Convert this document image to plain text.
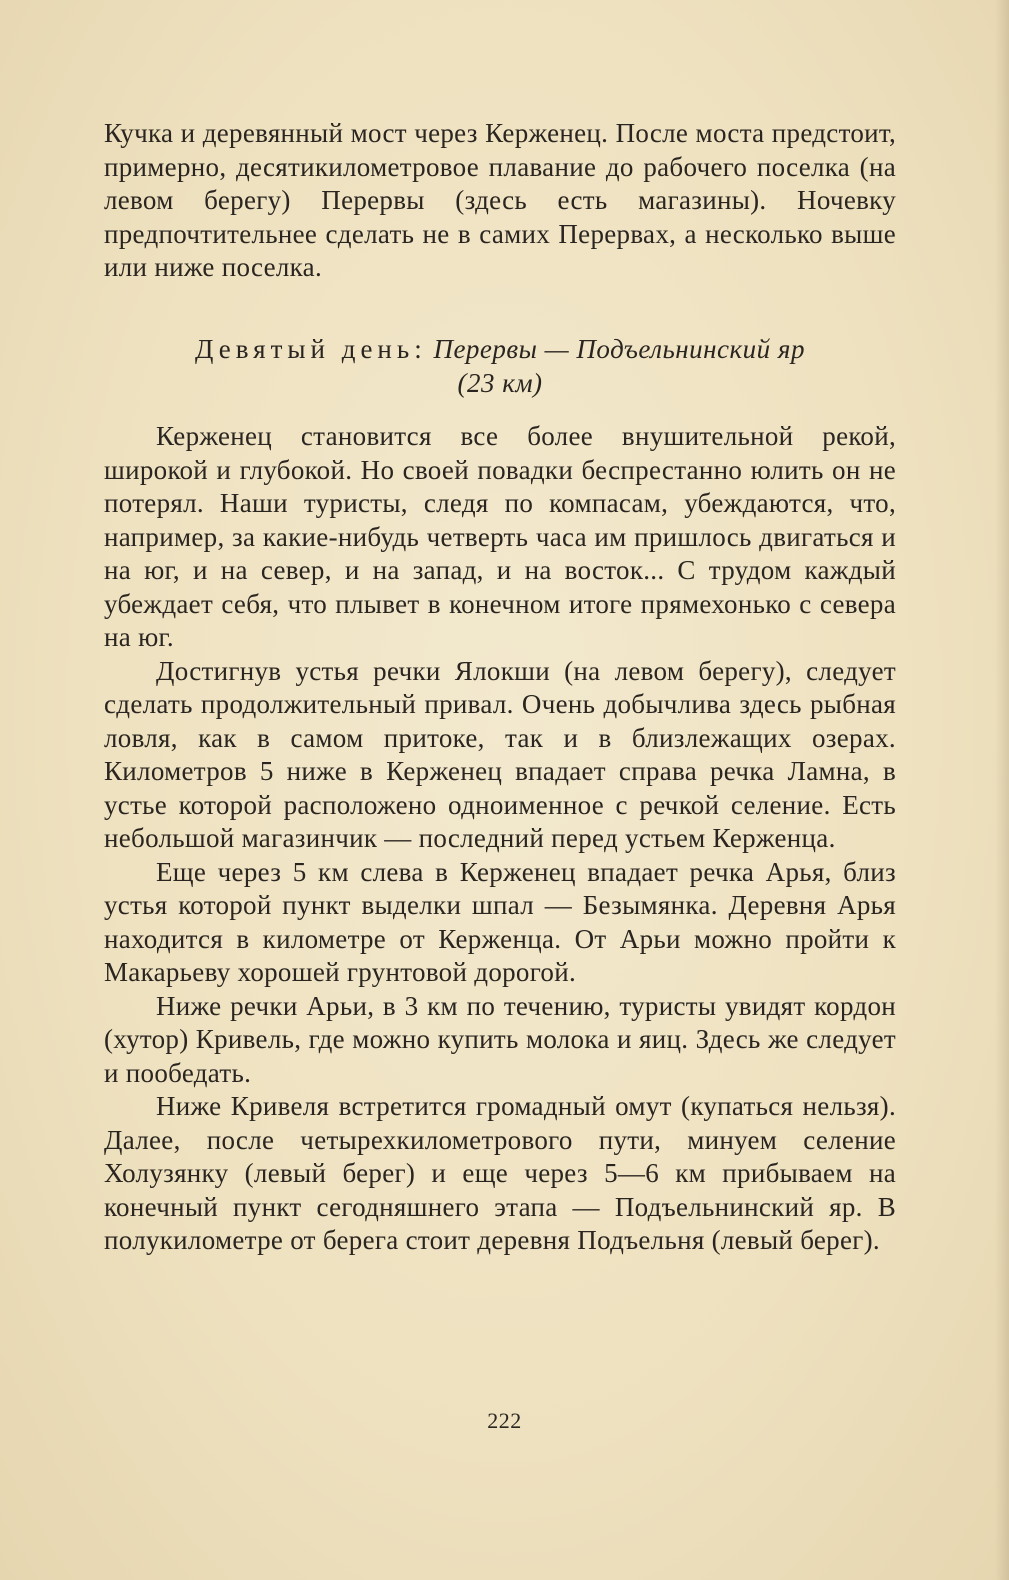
Кучка и деревянный мост через Керженец. После моста предстоит, примерно, десятикилометровое плавание до рабочего поселка (на левом берегу) Перервы (здесь есть магазины). Ночевку предпочтительнее сделать не в самих Перервах, а несколько выше или ниже поселка.

Девятый день: Перервы — Подъельнинский яр
(23 км)

Керженец становится все более внушительной рекой, широкой и глубокой. Но своей повадки беспрестанно юлить он не потерял. Наши туристы, следя по компасам, убеждаются, что, например, за какие-нибудь четверть часа им пришлось двигаться и на юг, и на север, и на запад, и на восток... С трудом каждый убеждает себя, что плывет в конечном итоге прямехонько с севера на юг.

Достигнув устья речки Ялокши (на левом берегу), следует сделать продолжительный привал. Очень добычлива здесь рыбная ловля, как в самом притоке, так и в близлежащих озерах. Километров 5 ниже в Керженец впадает справа речка Ламна, в устье которой расположено одноименное с речкой селение. Есть небольшой магазинчик — последний перед устьем Керженца.

Еще через 5 км слева в Керженец впадает речка Арья, близ устья которой пункт выделки шпал — Безымянка. Деревня Арья находится в километре от Керженца. От Арьи можно пройти к Макарьеву хорошей грунтовой дорогой.

Ниже речки Арьи, в 3 км по течению, туристы увидят кордон (хутор) Кривель, где можно купить молока и яиц. Здесь же следует и пообедать.

Ниже Кривеля встретится громадный омут (купаться нельзя). Далее, после четырехкилометрового пути, минуем селение Холузянку (левый берег) и еще через 5—6 км прибываем на конечный пункт сегодняшнего этапа — Подъельнинский яр. В полукилометре от берега стоит деревня Подъельня (левый берег).

222
